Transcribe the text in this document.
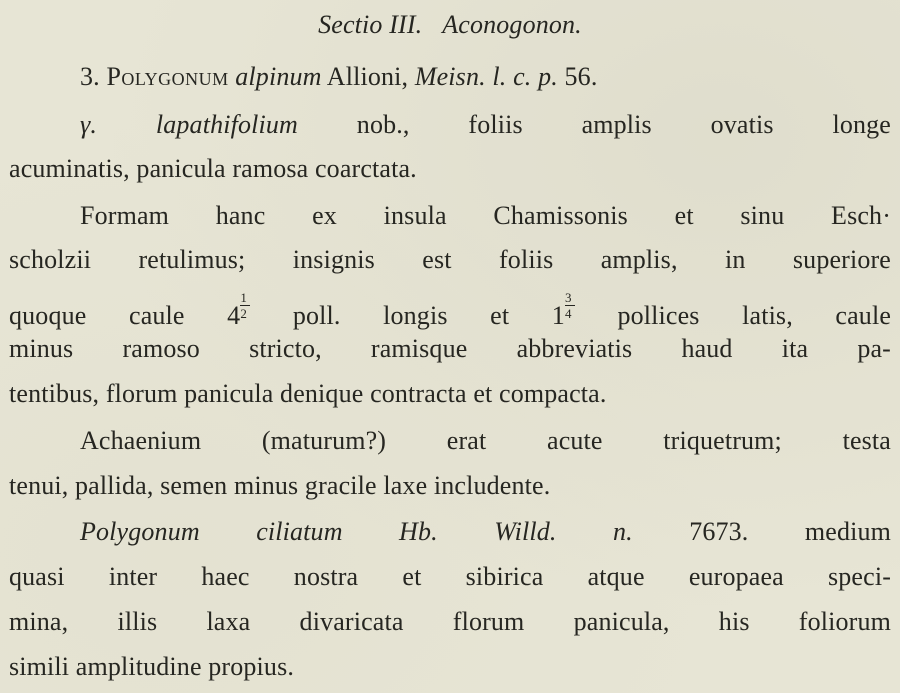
Sectio III. Aconogonon.
3. Polygonum alpinum Allioni, Meisn. l. c. p. 56.
γ. lapathifolium nob., foliis amplis ovatis longe
acuminatis, panicula ramosa coarctata.
Formam hanc ex insula Chamissonis et sinu Esch·
scholzii retulimus; insignis est foliis amplis, in superiore
quoque caule $4 \frac{1}{2}$ poll. longis et $1 \frac{3}{4}$ pollices latis, caule
minus ramoso stricto, ramisque abbreviatis haud ita pa-
tentibus, florum panicula denique contracta et compacta.
Achaenium (maturum?) erat acute triquetrum; testa
tenui, pallida, semen minus gracile laxe includente.
Polygonum ciliatum Hb. Willd. n. 7673. medium
quasi inter haec nostra et sibirica atque europaea speci-
mina, illis laxa divaricata florum panicula, his foliorum
simili amplitudine propius.
